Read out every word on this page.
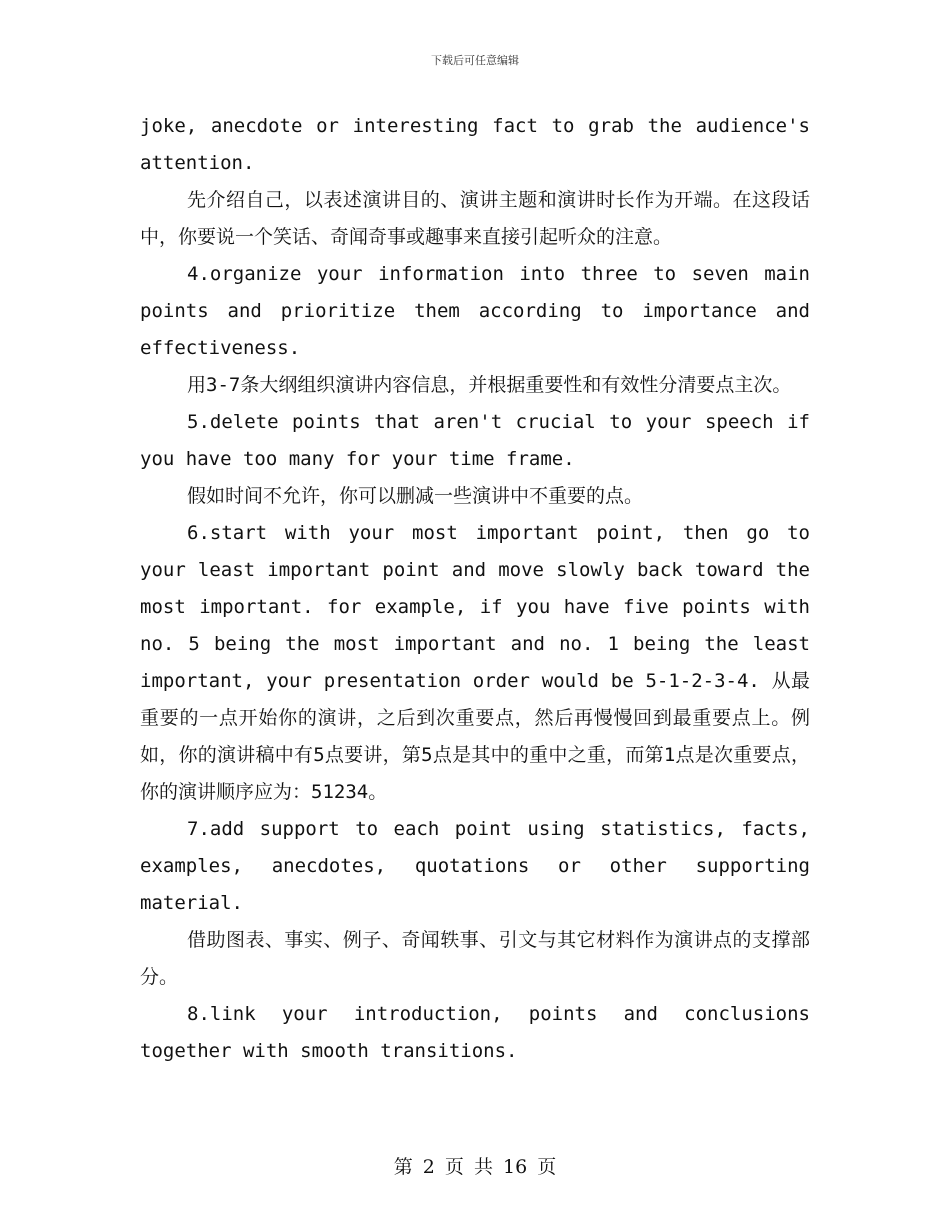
下载后可任意编辑

joke, anecdote or interesting fact to grab the audience's attention.

先介绍自己，以表述演讲目的、演讲主题和演讲时长作为开端。在这段话中，你要说一个笑话、奇闻奇事或趣事来直接引起听众的注意。

4.organize your information into three to seven main points and prioritize them according to importance and effectiveness.

用3-7条大纲组织演讲内容信息，并根据重要性和有效性分清要点主次。

5.delete points that aren't crucial to your speech if you have too many for your time frame.

假如时间不允许，你可以删减一些演讲中不重要的点。

6.start with your most important point, then go to your least important point and move slowly back toward the most important. for example, if you have five points with no. 5 being the most important and no. 1 being the least important, your presentation order would be 5-1-2-3-4. 从最重要的一点开始你的演讲，之后到次重要点，然后再慢慢回到最重要点上。例如，你的演讲稿中有5点要讲，第5点是其中的重中之重，而第1点是次重要点，你的演讲顺序应为：51234。

7.add support to each point using statistics, facts, examples, anecdotes, quotations or other supporting material.

借助图表、事实、例子、奇闻轶事、引文与其它材料作为演讲点的支撑部分。

8.link your introduction, points and conclusions together with smooth transitions.

第 2 页 共 16 页
